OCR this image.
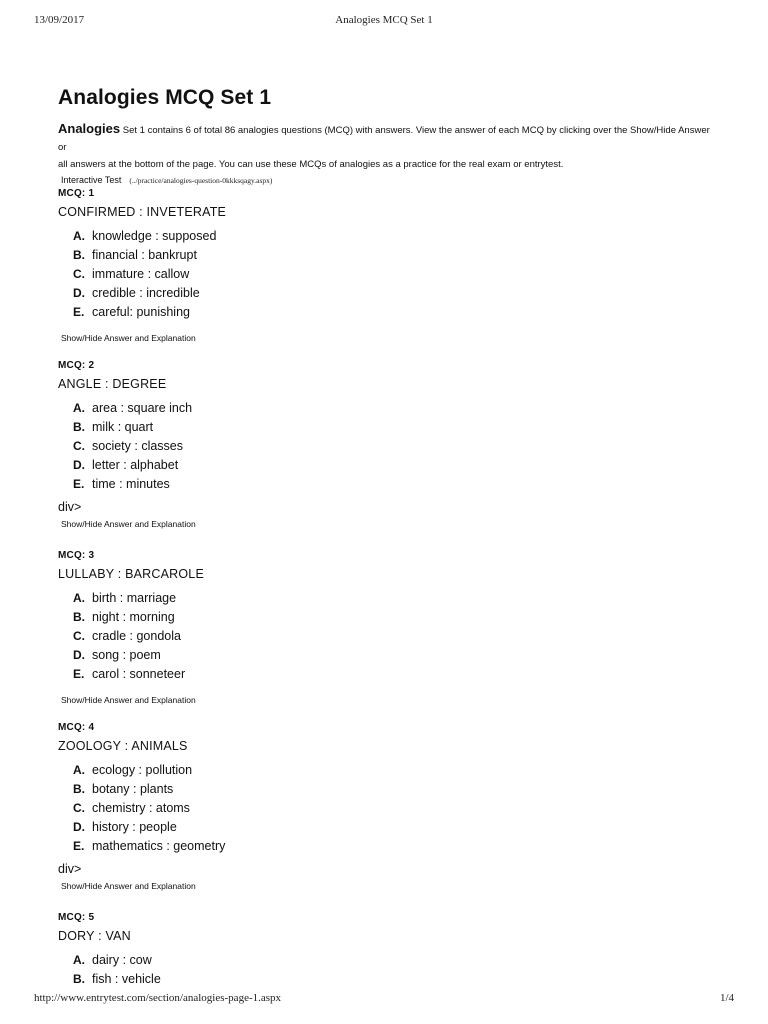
13/09/2017	Analogies MCQ Set 1
Analogies MCQ Set 1

Analogies Set 1 contains 6 of total 86 analogies questions (MCQ) with answers. View the answer of each MCQ by clicking over the Show/Hide Answer or
all answers at the bottom of the page. You can use these MCQs of analogies as a practice for the real exam or entrytest.

Interactive Test (../practice/analogies-question-0kkksqagy.aspx)

MCQ: 1

CONFIRMED : INVETERATE

A. knowledge : supposed
B. financial : bankrupt
C. immature : callow
D. credible : incredible
E. careful: punishing

Show/Hide Answer and Explanation

MCQ: 2

ANGLE : DEGREE

A. area : square inch
B. milk : quart
C. society : classes
D. letter : alphabet
E. time : minutes

div>

Show/Hide Answer and Explanation

MCQ: 3

LULLABY : BARCAROLE

A. birth : marriage
B. night : morning
C. cradle : gondola
D. song : poem
E. carol : sonneteer

Show/Hide Answer and Explanation

MCQ: 4

ZOOLOGY : ANIMALS

A. ecology : pollution
B. botany : plants
C. chemistry : atoms
D. history : people
E. mathematics : geometry

div>

Show/Hide Answer and Explanation

MCQ: 5

DORY : VAN

A. dairy : cow
B. fish : vehicle
http://www.entrytest.com/section/analogies-page-1.aspx	1/4
